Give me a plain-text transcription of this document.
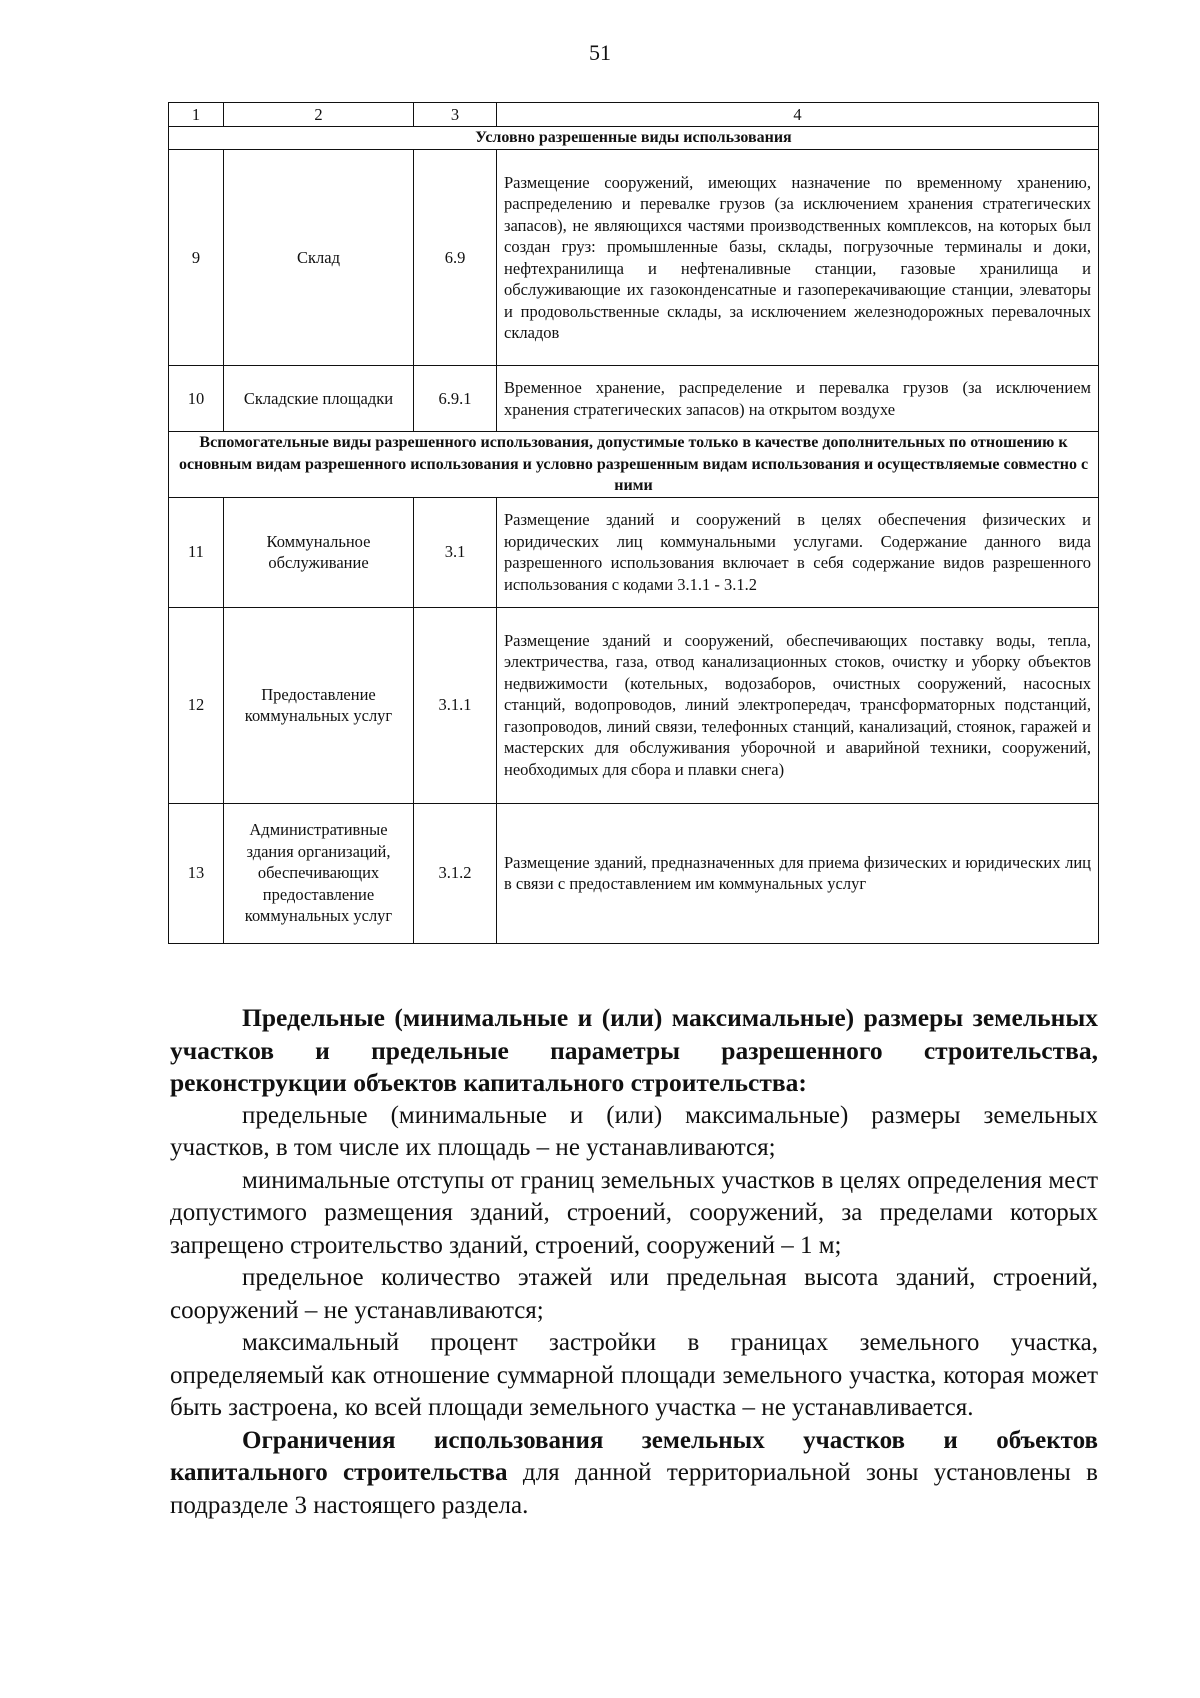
51
1	2	3	4
Условно разрешенные виды использования			
9	Склад	6.9	Размещение сооружений, имеющих назначение по временному хранению, распределению и перевалке грузов (за исключением хранения стратегических запасов), не являющихся частями производственных комплексов, на которых был создан груз: промышленные базы, склады, погрузочные терминалы и доки, нефтехранилища и нефтеналивные станции, газовые хранилища и обслуживающие их газоконденсатные и газоперекачивающие станции, элеваторы и продовольственные склады, за исключением железнодорожных перевалочных складов
10	Складские площадки	6.9.1	Временное хранение, распределение и перевалка грузов (за исключением хранения стратегических запасов) на открытом воздухе
Вспомогательные виды разрешенного использования, допустимые только в качестве дополнительных по отношению к основным видам разрешенного использования и условно разрешенным видам использования и осуществляемые совместно с ними			
11	Коммунальное обслуживание	3.1	Размещение зданий и сооружений в целях обеспечения физических и юридических лиц коммунальными услугами. Содержание данного вида разрешенного использования включает в себя содержание видов разрешенного использования с кодами 3.1.1 - 3.1.2
12	Предоставление коммунальных услуг	3.1.1	Размещение зданий и сооружений, обеспечивающих поставку воды, тепла, электричества, газа, отвод канализационных стоков, очистку и уборку объектов недвижимости (котельных, водозаборов, очистных сооружений, насосных станций, водопроводов, линий электропередач, трансформаторных подстанций, газопроводов, линий связи, телефонных станций, канализаций, стоянок, гаражей и мастерских для обслуживания уборочной и аварийной техники, сооружений, необходимых для сбора и плавки снега)
13	Административные здания организаций, обеспечивающих предоставление коммунальных услуг	3.1.2	Размещение зданий, предназначенных для приема физических и юридических лиц в связи с предоставлением им коммунальных услуг

Предельные (минимальные и (или) максимальные) размеры земельных участков и предельные параметры разрешенного строительства, реконструкции объектов капитального строительства:

предельные (минимальные и (или) максимальные) размеры земельных участков, в том числе их площадь – не устанавливаются;

минимальные отступы от границ земельных участков в целях определения мест допустимого размещения зданий, строений, сооружений, за пределами которых запрещено строительство зданий, строений, сооружений – 1 м;

предельное количество этажей или предельная высота зданий, строений, сооружений – не устанавливаются;

максимальный процент застройки в границах земельного участка, определяемый как отношение суммарной площади земельного участка, которая может быть застроена, ко всей площади земельного участка – не устанавливается.

Ограничения использования земельных участков и объектов капитального строительства для данной территориальной зоны установлены в подразделе 3 настоящего раздела.
